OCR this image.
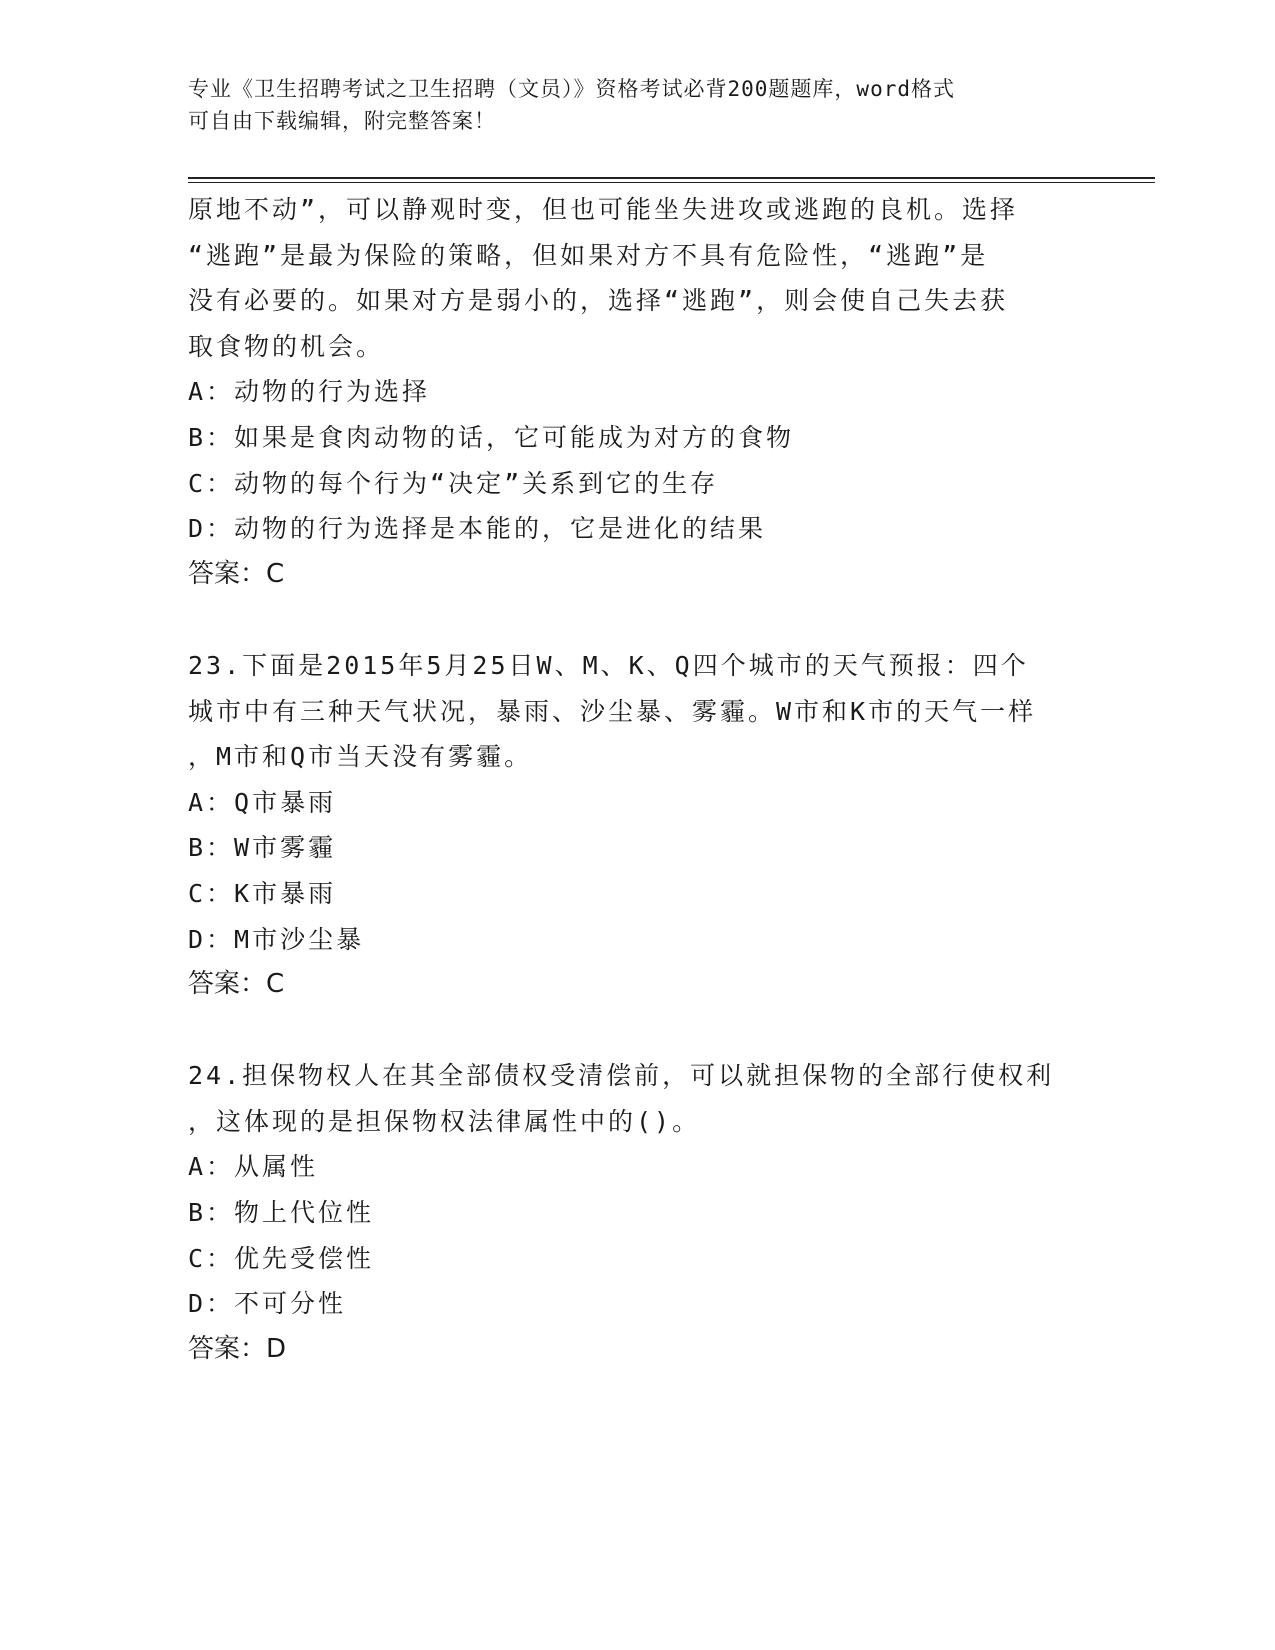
专业《卫生招聘考试之卫生招聘（文员）》资格考试必背200题题库，word格式
可自由下载编辑，附完整答案！
原地不动”，可以静观时变，但也可能坐失进攻或逃跑的良机。选择
“逃跑”是最为保险的策略，但如果对方不具有危险性，“逃跑”是
没有必要的。如果对方是弱小的，选择“逃跑”，则会使自己失去获
取食物的机会。
A：动物的行为选择
B：如果是食肉动物的话，它可能成为对方的食物
C：动物的每个行为“决定”关系到它的生存
D：动物的行为选择是本能的，它是进化的结果
答案：C
23.下面是2015年5月25日W、M、K、Q四个城市的天气预报：四个
城市中有三种天气状况，暴雨、沙尘暴、雾霾。W市和K市的天气一样
，M市和Q市当天没有雾霾。
A：Q市暴雨
B：W市雾霾
C：K市暴雨
D：M市沙尘暴
答案：C
24.担保物权人在其全部债权受清偿前，可以就担保物的全部行使权利
，这体现的是担保物权法律属性中的()。
A：从属性
B：物上代位性
C：优先受偿性
D：不可分性
答案：D
